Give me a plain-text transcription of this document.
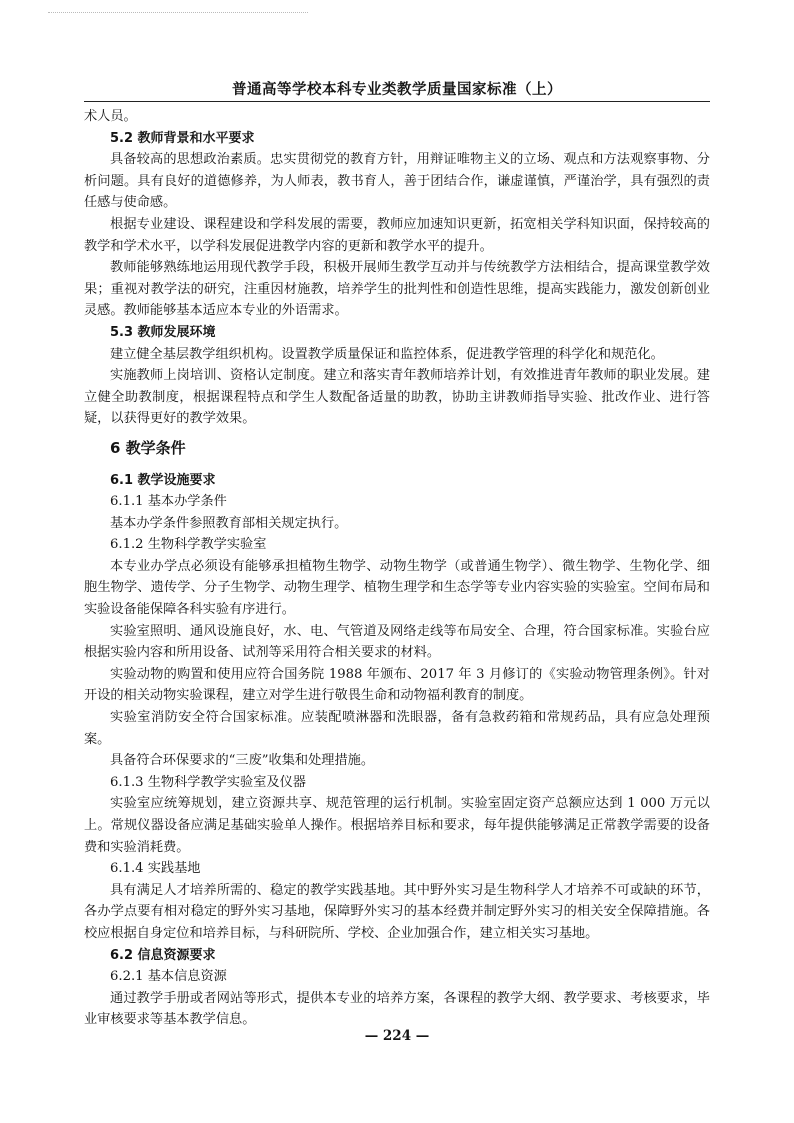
普通高等学校本科专业类教学质量国家标准（上）

术人员。

5.2 教师背景和水平要求

具备较高的思想政治素质。忠实贯彻党的教育方针，用辩证唯物主义的立场、观点和方法观察事物、分析问题。具有良好的道德修养，为人师表，教书育人，善于团结合作，谦虚谨慎，严谨治学，具有强烈的责任感与使命感。

根据专业建设、课程建设和学科发展的需要，教师应加速知识更新，拓宽相关学科知识面，保持较高的教学和学术水平，以学科发展促进教学内容的更新和教学水平的提升。

教师能够熟练地运用现代教学手段，积极开展师生教学互动并与传统教学方法相结合，提高课堂教学效果；重视对教学法的研究，注重因材施教，培养学生的批判性和创造性思维，提高实践能力，激发创新创业灵感。教师能够基本适应本专业的外语需求。

5.3 教师发展环境

建立健全基层教学组织机构。设置教学质量保证和监控体系，促进教学管理的科学化和规范化。

实施教师上岗培训、资格认定制度。建立和落实青年教师培养计划，有效推进青年教师的职业发展。建立健全助教制度，根据课程特点和学生人数配备适量的助教，协助主讲教师指导实验、批改作业、进行答疑，以获得更好的教学效果。

6 教学条件

6.1 教学设施要求

6.1.1 基本办学条件

基本办学条件参照教育部相关规定执行。

6.1.2 生物科学教学实验室

本专业办学点必须设有能够承担植物生物学、动物生物学（或普通生物学）、微生物学、生物化学、细胞生物学、遗传学、分子生物学、动物生理学、植物生理学和生态学等专业内容实验的实验室。空间布局和实验设备能保障各科实验有序进行。

实验室照明、通风设施良好，水、电、气管道及网络走线等布局安全、合理，符合国家标准。实验台应根据实验内容和所用设备、试剂等采用符合相关要求的材料。

实验动物的购置和使用应符合国务院 1988 年颁布、2017 年 3 月修订的《实验动物管理条例》。针对开设的相关动物实验课程，建立对学生进行敬畏生命和动物福利教育的制度。

实验室消防安全符合国家标准。应装配喷淋器和洗眼器，备有急救药箱和常规药品，具有应急处理预案。

具备符合环保要求的“三废”收集和处理措施。

6.1.3 生物科学教学实验室及仪器

实验室应统筹规划，建立资源共享、规范管理的运行机制。实验室固定资产总额应达到 1 000 万元以上。常规仪器设备应满足基础实验单人操作。根据培养目标和要求，每年提供能够满足正常教学需要的设备费和实验消耗费。

6.1.4 实践基地

具有满足人才培养所需的、稳定的教学实践基地。其中野外实习是生物科学人才培养不可或缺的环节，各办学点要有相对稳定的野外实习基地，保障野外实习的基本经费并制定野外实习的相关安全保障措施。各校应根据自身定位和培养目标，与科研院所、学校、企业加强合作，建立相关实习基地。

6.2 信息资源要求

6.2.1 基本信息资源

通过教学手册或者网站等形式，提供本专业的培养方案，各课程的教学大纲、教学要求、考核要求，毕业审核要求等基本教学信息。

— 224 —
